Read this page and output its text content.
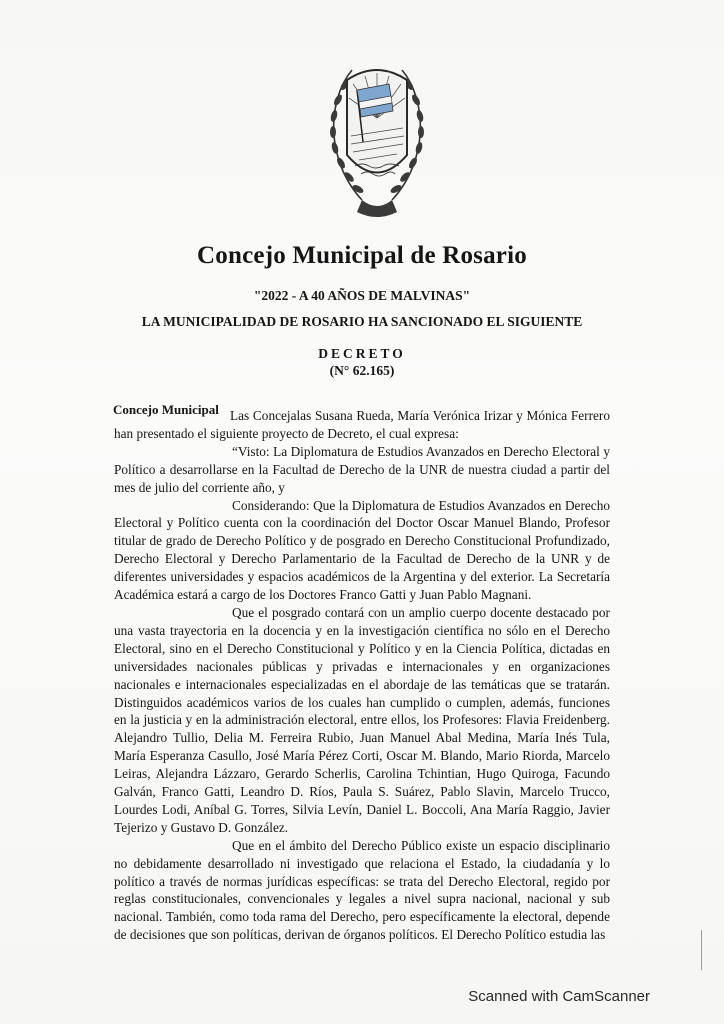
Concejo Municipal de Rosario
"2022 - A 40 AÑOS DE MALVINAS"
LA MUNICIPALIDAD DE ROSARIO HA SANCIONADO EL SIGUIENTE
DECRETO
(N° 62.165)
Concejo Municipal Las Concejalas Susana Rueda, María Verónica Irizar y Mónica Ferrero han presentado el siguiente proyecto de Decreto, el cual expresa:

“Visto: La Diplomatura de Estudios Avanzados en Derecho Electoral y Político a desarrollarse en la Facultad de Derecho de la UNR de nuestra ciudad a partir del mes de julio del corriente año, y

Considerando: Que la Diplomatura de Estudios Avanzados en Derecho Electoral y Político cuenta con la coordinación del Doctor Oscar Manuel Blando, Profesor titular de grado de Derecho Político y de posgrado en Derecho Constitucional Profundizado, Derecho Electoral y Derecho Parlamentario de la Facultad de Derecho de la UNR y de diferentes universidades y espacios académicos de la Argentina y del exterior. La Secretaría Académica estará a cargo de los Doctores Franco Gatti y Juan Pablo Magnani.

Que el posgrado contará con un amplio cuerpo docente destacado por una vasta trayectoria en la docencia y en la investigación científica no sólo en el Derecho Electoral, sino en el Derecho Constitucional y Político y en la Ciencia Política, dictadas en universidades nacionales públicas y privadas e internacionales y en organizaciones nacionales e internacionales especializadas en el abordaje de las temáticas que se tratarán. Distinguidos académicos varios de los cuales han cumplido o cumplen, además, funciones en la justicia y en la administración electoral, entre ellos, los Profesores: Flavia Freidenberg. Alejandro Tullio, Delia M. Ferreira Rubio, Juan Manuel Abal Medina, María Inés Tula, María Esperanza Casullo, José María Pérez Corti, Oscar M. Blando, Mario Riorda, Marcelo Leiras, Alejandra Lázzaro, Gerardo Scherlis, Carolina Tchintian, Hugo Quiroga, Facundo Galván, Franco Gatti, Leandro D. Ríos, Paula S. Suárez, Pablo Slavin, Marcelo Trucco, Lourdes Lodi, Aníbal G. Torres, Silvia Levín, Daniel L. Boccoli, Ana María Raggio, Javier Tejerizo y Gustavo D. González.

Que en el ámbito del Derecho Público existe un espacio disciplinario no debidamente desarrollado ni investigado que relaciona el Estado, la ciudadanía y lo político a través de normas jurídicas específicas: se trata del Derecho Electoral, regido por reglas constitucionales, convencionales y legales a nivel supra nacional, nacional y sub nacional. También, como toda rama del Derecho, pero específicamente la electoral, depende de decisiones que son políticas, derivan de órganos políticos. El Derecho Político estudia las

Scanned with CamScanner
